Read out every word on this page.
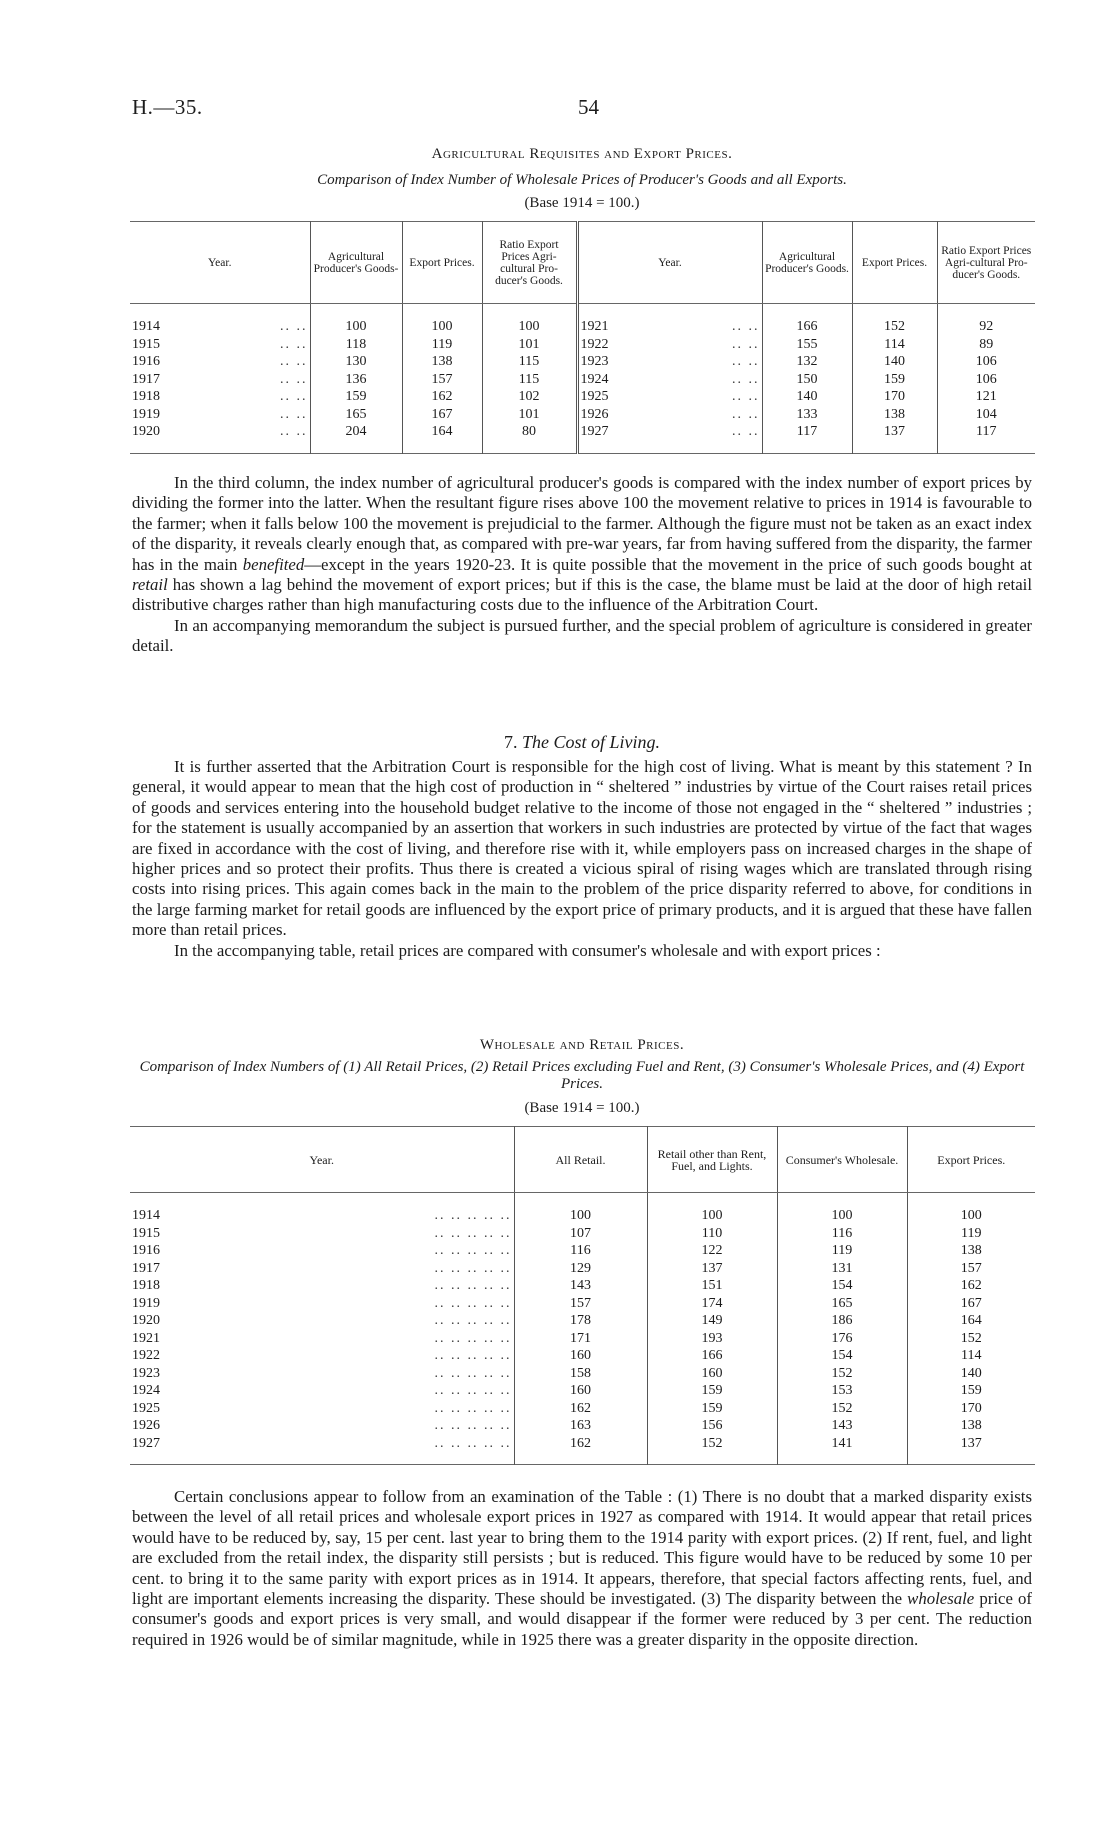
H.—35.	54
Agricultural Requisites and Export Prices.
Comparison of Index Number of Wholesale Prices of Producer's Goods and all Exports.
(Base 1914 = 100.)
Year.	Agricultural Producer's Goods-	Export Prices.	Ratio Export Prices Agri-cultural Pro-ducer's Goods.	Year.	Agricultural Producer's Goods.	Export Prices.	Ratio Export Prices Agri-cultural Pro-ducer's Goods.
1914 .. ..	100	100	100	1921 .. ..	166	152	92
1915 .. ..	118	119	101	1922 .. ..	155	114	89
1916 .. ..	130	138	115	1923 .. ..	132	140	106
1917 .. ..	136	157	115	1924 .. ..	150	159	106
1918 .. ..	159	162	102	1925 .. ..	140	170	121
1919 .. ..	165	167	101	1926 .. ..	133	138	104
1920 .. ..	204	164	80	1927 .. ..	117	137	117

In the third column, the index number of agricultural producer's goods is compared with the index number of export prices by dividing the former into the latter. When the resultant figure rises above 100 the movement relative to prices in 1914 is favourable to the farmer; when it falls below 100 the movement is prejudicial to the farmer. Although the figure must not be taken as an exact index of the disparity, it reveals clearly enough that, as compared with pre-war years, far from having suffered from the disparity, the farmer has in the main benefited—except in the years 1920-23. It is quite possible that the movement in the price of such goods bought at retail has shown a lag behind the movement of export prices; but if this is the case, the blame must be laid at the door of high retail distributive charges rather than high manufacturing costs due to the influence of the Arbitration Court.

In an accompanying memorandum the subject is pursued further, and the special problem of agriculture is considered in greater detail.

7. The Cost of Living.

It is further asserted that the Arbitration Court is responsible for the high cost of living. What is meant by this statement ? In general, it would appear to mean that the high cost of production in “ sheltered ” industries by virtue of the Court raises retail prices of goods and services entering into the household budget relative to the income of those not engaged in the “ sheltered ” industries ; for the statement is usually accompanied by an assertion that workers in such industries are protected by virtue of the fact that wages are fixed in accordance with the cost of living, and therefore rise with it, while employers pass on increased charges in the shape of higher prices and so protect their profits. Thus there is created a vicious spiral of rising wages which are translated through rising costs into rising prices. This again comes back in the main to the problem of the price disparity referred to above, for conditions in the large farming market for retail goods are influenced by the export price of primary products, and it is argued that these have fallen more than retail prices.

In the accompanying table, retail prices are compared with consumer's wholesale and with export prices :

Wholesale and Retail Prices.
Comparison of Index Numbers of (1) All Retail Prices, (2) Retail Prices excluding Fuel and Rent, (3) Consumer's Wholesale Prices, and (4) Export Prices.
(Base 1914 = 100.)
Year.	All Retail.	Retail other than Rent, Fuel, and Lights.	Consumer's Wholesale.	Export Prices.
1914 .. .. .. .. ..	100	100	100	100
1915 .. .. .. .. ..	107	110	116	119
1916 .. .. .. .. ..	116	122	119	138
1917 .. .. .. .. ..	129	137	131	157
1918 .. .. .. .. ..	143	151	154	162
1919 .. .. .. .. ..	157	174	165	167
1920 .. .. .. .. ..	178	149	186	164
1921 .. .. .. .. ..	171	193	176	152
1922 .. .. .. .. ..	160	166	154	114
1923 .. .. .. .. ..	158	160	152	140
1924 .. .. .. .. ..	160	159	153	159
1925 .. .. .. .. ..	162	159	152	170
1926 .. .. .. .. ..	163	156	143	138
1927 .. .. .. .. ..	162	152	141	137

Certain conclusions appear to follow from an examination of the Table : (1) There is no doubt that a marked disparity exists between the level of all retail prices and wholesale export prices in 1927 as compared with 1914. It would appear that retail prices would have to be reduced by, say, 15 per cent. last year to bring them to the 1914 parity with export prices. (2) If rent, fuel, and light are excluded from the retail index, the disparity still persists ; but is reduced. This figure would have to be reduced by some 10 per cent. to bring it to the same parity with export prices as in 1914. It appears, therefore, that special factors affecting rents, fuel, and light are important elements increasing the disparity. These should be investigated. (3) The disparity between the wholesale price of consumer's goods and export prices is very small, and would disappear if the former were reduced by 3 per cent. The reduction required in 1926 would be of similar magnitude, while in 1925 there was a greater disparity in the opposite direction.
